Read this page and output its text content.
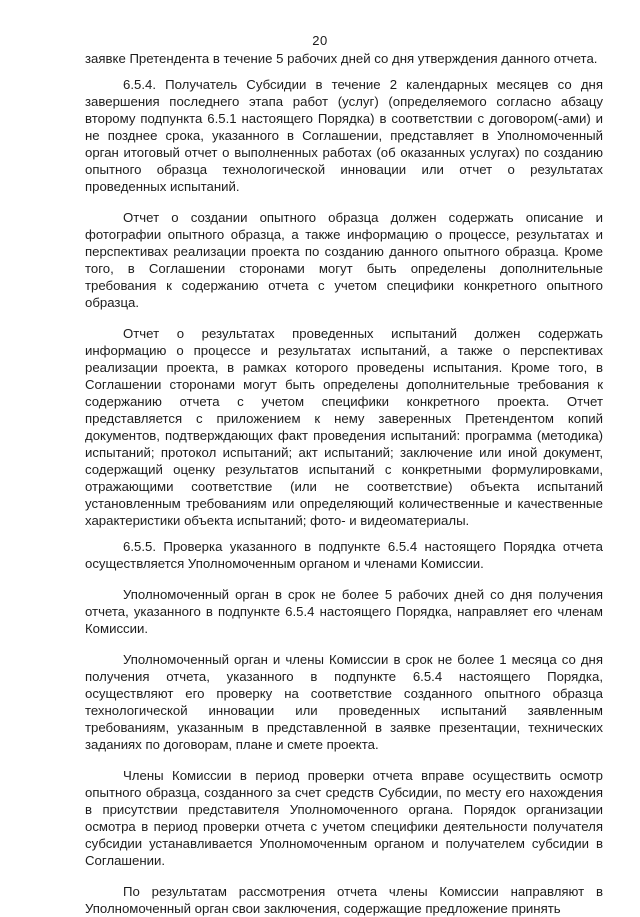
20

заявке Претендента в течение 5 рабочих дней со дня утверждения данного отчета.

6.5.4. Получатель Субсидии в течение 2 календарных месяцев со дня завершения последнего этапа работ (услуг) (определяемого согласно абзацу второму подпункта 6.5.1 настоящего Порядка) в соответствии с договором(-ами) и не позднее срока, указанного в Соглашении, представляет в Уполномоченный орган итоговый отчет о выполненных работах (об оказанных услугах) по созданию опытного образца технологической инновации или отчет о результатах проведенных испытаний.

Отчет о создании опытного образца должен содержать описание и фотографии опытного образца, а также информацию о процессе, результатах и перспективах реализации проекта по созданию данного опытного образца. Кроме того, в Соглашении сторонами могут быть определены дополнительные требования к содержанию отчета с учетом специфики конкретного опытного образца.

Отчет о результатах проведенных испытаний должен содержать информацию о процессе и результатах испытаний, а также о перспективах реализации проекта, в рамках которого проведены испытания. Кроме того, в Соглашении сторонами могут быть определены дополнительные требования к содержанию отчета с учетом специфики конкретного проекта. Отчет представляется с приложением к нему заверенных Претендентом копий документов, подтверждающих факт проведения испытаний: программа (методика) испытаний; протокол испытаний; акт испытаний; заключение или иной документ, содержащий оценку результатов испытаний с конкретными формулировками, отражающими соответствие (или не соответствие) объекта испытаний установленным требованиям или определяющий количественные и качественные характеристики объекта испытаний; фото- и видеоматериалы.

6.5.5. Проверка указанного в подпункте 6.5.4 настоящего Порядка отчета осуществляется Уполномоченным органом и членами Комиссии.

Уполномоченный орган в срок не более 5 рабочих дней со дня получения отчета, указанного в подпункте 6.5.4 настоящего Порядка, направляет его членам Комиссии.

Уполномоченный орган и члены Комиссии в срок не более 1 месяца со дня получения отчета, указанного в подпункте 6.5.4 настоящего Порядка, осуществляют его проверку на соответствие созданного опытного образца технологической инновации или проведенных испытаний заявленным требованиям, указанным в представленной в заявке презентации, технических заданиях по договорам, плане и смете проекта.

Члены Комиссии в период проверки отчета вправе осуществить осмотр опытного образца, созданного за счет средств Субсидии, по месту его нахождения в присутствии представителя Уполномоченного органа. Порядок организации осмотра в период проверки отчета с учетом специфики деятельности получателя субсидии устанавливается Уполномоченным органом и получателем субсидии в Соглашении.

По результатам рассмотрения отчета члены Комиссии направляют в Уполномоченный орган свои заключения, содержащие предложение принять
